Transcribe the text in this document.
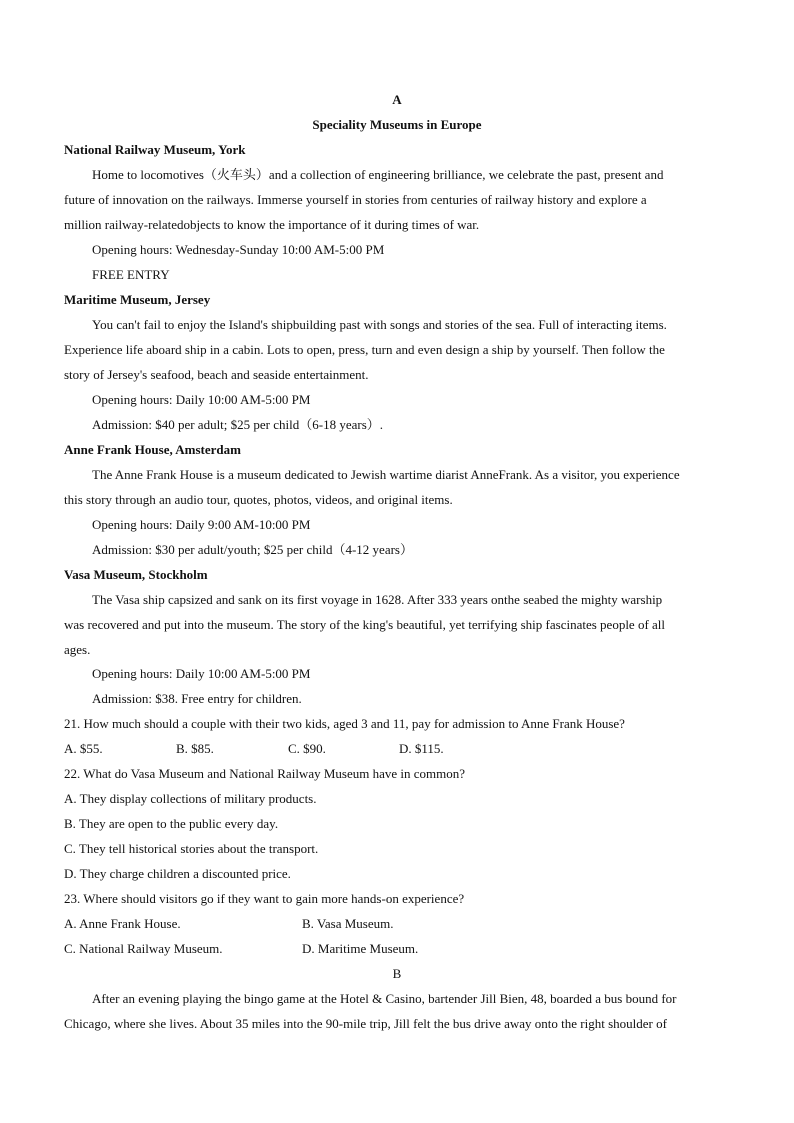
A
Speciality Museums in Europe
National Railway Museum, York
Home to locomotives（火车头）and a collection of engineering brilliance, we celebrate the past, present and
future of innovation on the railways. Immerse yourself in stories from centuries of railway history and explore a
million railway-relatedobjects to know the importance of it during times of war.
Opening hours: Wednesday-Sunday 10:00 AM-5:00 PM
FREE ENTRY
Maritime Museum, Jersey
You can't fail to enjoy the Island's shipbuilding past with songs and stories of the sea. Full of interacting items.
Experience life aboard ship in a cabin. Lots to open, press, turn and even design a ship by yourself. Then follow the
story of Jersey's seafood, beach and seaside entertainment.
Opening hours: Daily 10:00 AM-5:00 PM
Admission: $40 per adult; $25 per child（6-18 years）.
Anne Frank House, Amsterdam
The Anne Frank House is a museum dedicated to Jewish wartime diarist AnneFrank. As a visitor, you experience
this story through an audio tour, quotes, photos, videos, and original items.
Opening hours: Daily 9:00 AM-10:00 PM
Admission: $30 per adult/youth; $25 per child（4-12 years）
Vasa Museum, Stockholm
The Vasa ship capsized and sank on its first voyage in 1628. After 333 years onthe seabed the mighty warship
was recovered and put into the museum. The story of the king's beautiful, yet terrifying ship fascinates people of all
ages.
Opening hours: Daily 10:00 AM-5:00 PM
Admission: $38. Free entry for children.
21. How much should a couple with their two kids, aged 3 and 11, pay for admission to Anne Frank House?
A. $55.	B. $85.	C. $90.	D. $115.
22. What do Vasa Museum and National Railway Museum have in common?
A. They display collections of military products.
B. They are open to the public every day.
C. They tell historical stories about the transport.
D. They charge children a discounted price.
23. Where should visitors go if they want to gain more hands-on experience?
A. Anne Frank House.	B. Vasa Museum.
C. National Railway Museum.	D. Maritime Museum.
B
After an evening playing the bingo game at the Hotel & Casino, bartender Jill Bien, 48, boarded a bus bound for
Chicago, where she lives. About 35 miles into the 90-mile trip, Jill felt the bus drive away onto the right shoulder of
